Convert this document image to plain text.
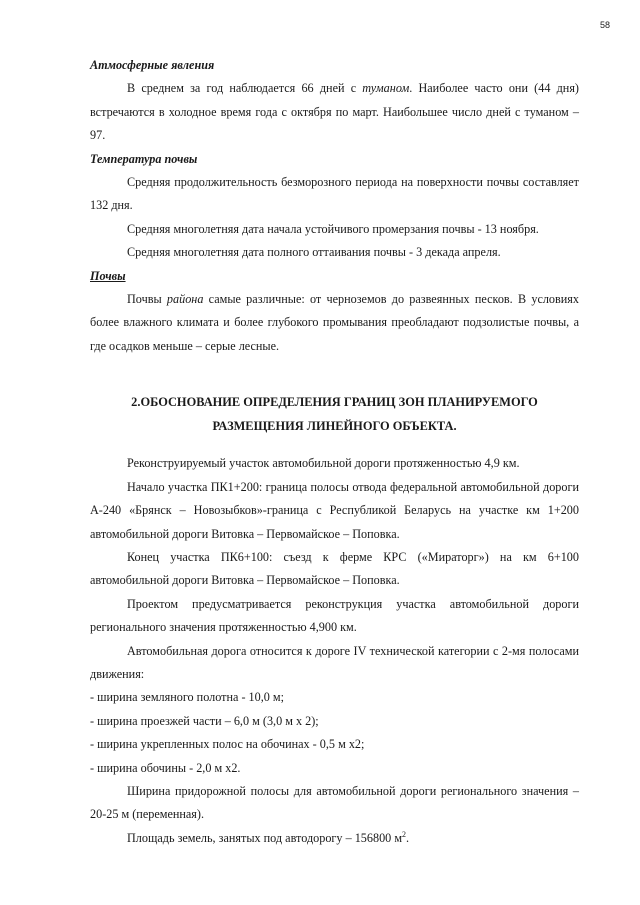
58

Атмосферные явления

В среднем за год наблюдается 66 дней с туманом. Наиболее часто они (44 дня) встречаются в холодное время года с октября по март. Наибольшее число дней с туманом – 97.

Температура почвы

Средняя продолжительность безморозного периода на поверхности почвы составляет 132 дня.

Средняя многолетняя дата начала устойчивого промерзания почвы - 13 ноября.

Средняя многолетняя дата полного оттаивания почвы - 3 декада апреля.

Почвы

Почвы района самые различные: от черноземов до развеянных песков. В условиях более влажного климата и более глубокого промывания преобладают подзолистые почвы, а где осадков меньше – серые лесные.

2.ОБОСНОВАНИЕ ОПРЕДЕЛЕНИЯ ГРАНИЦ ЗОН ПЛАНИРУЕМОГО
РАЗМЕЩЕНИЯ ЛИНЕЙНОГО ОБЪЕКТА.

Реконструируемый участок автомобильной дороги протяженностью 4,9 км.

Начало участка ПК1+200: граница полосы отвода федеральной автомобильной дороги А-240 «Брянск – Новозыбков»-граница с Республикой Беларусь на участке км 1+200 автомобильной дороги Витовка – Первомайское – Поповка.

Конец участка ПК6+100: съезд к ферме КРС («Мираторг») на км 6+100 автомобильной дороги Витовка – Первомайское – Поповка.

Проектом предусматривается реконструкция участка автомобильной дороги регионального значения протяженностью 4,900 км.

Автомобильная дорога относится к дороге IV технической категории с 2-мя полосами движения:

- ширина земляного полотна - 10,0 м;

- ширина проезжей части – 6,0 м (3,0 м х 2);

- ширина укрепленных полос на обочинах - 0,5 м х2;

- ширина обочины - 2,0 м х2.

Ширина придорожной полосы для автомобильной дороги регионального значения – 20-25 м (переменная).

Площадь земель, занятых под автодорогу – 156800 $м^2$.
